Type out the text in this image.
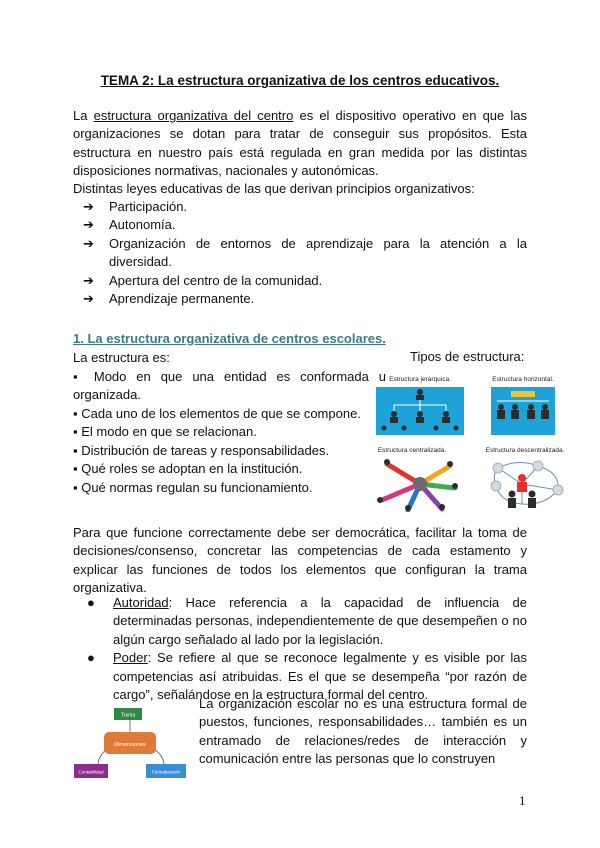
TEMA 2: La estructura organizativa de los centros educativos.

La estructura organizativa del centro es el dispositivo operativo en que las organizaciones se dotan para tratar de conseguir sus propósitos. Esta estructura en nuestro país está regulada en gran medida por las distintas disposiciones normativas, nacionales y autonómicas.

Distintas leyes educativas de las que derivan principios organizativos:

➔ Participación.
➔ Autonomía.
➔ Organización de entornos de aprendizaje para la atención a la diversidad.
➔ Apertura del centro de la comunidad.
➔ Aprendizaje permanente.
1. La estructura organizativa de centros escolares.
La estructura es:
▪ Modo en que una entidad es conformada u organizada.
▪ Cada uno de los elementos de que se compone.
▪ El modo en que se relacionan.
▪ Distribución de tareas y responsabilidades.
▪ Qué roles se adoptan en la institución.
▪ Qué normas regulan su funcionamiento.
Tipos de estructura:
Estructura jerárquica.	Estructura horizontal.
Estructura centralizada.	Estructura descentralizada.

Para que funcione correctamente debe ser democrática, facilitar la toma de decisiones/consenso, concretar las competencias de cada estamento y explicar las funciones de todos los elementos que configuran la trama organizativa.

● Autoridad: Hace referencia a la capacidad de influencia de determinadas personas, independientemente de que desempeñen o no algún cargo señalado al lado por la legislación.
● Poder: Se refiere al que se reconoce legalmente y es visible por las competencias así atribuidas. Es el que se desempeña “por razón de cargo”, señalándose en la estructura formal del centro.
Trama
Dimensiones
Contabilidad	Formalización
La organización escolar no es una estructura formal de puestos, funciones, responsabilidades… también es un entramado de relaciones/redes de interacción y comunicación entre las personas que lo construyen
1
